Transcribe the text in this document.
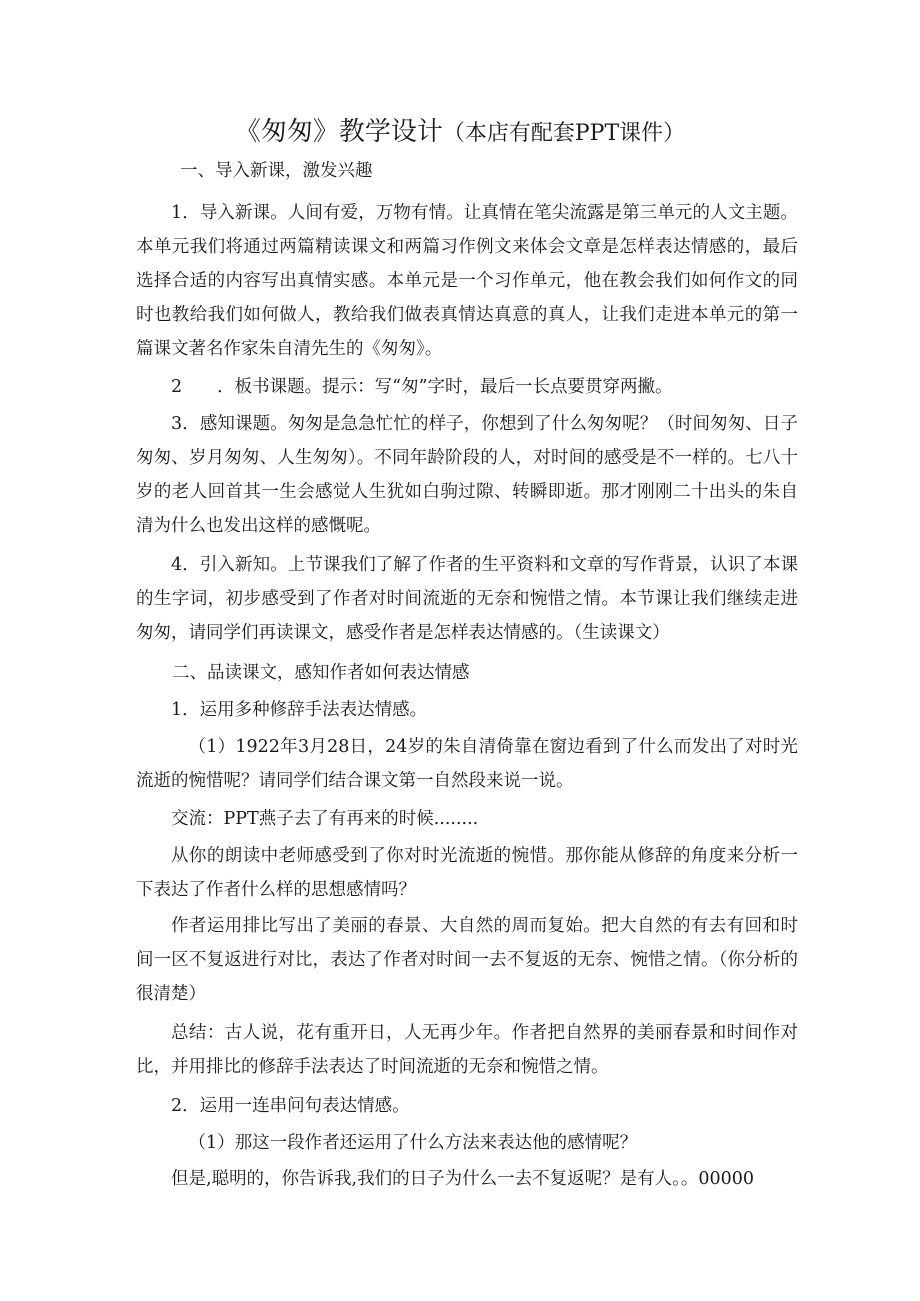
《匆匆》教学设计（本店有配套PPT课件）
一、导入新课，激发兴趣

1．导入新课。人间有爱，万物有情。让真情在笔尖流露是第三单元的人文主题。本单元我们将通过两篇精读课文和两篇习作例文来体会文章是怎样表达情感的，最后选择合适的内容写出真情实感。本单元是一个习作单元，他在教会我们如何作文的同时也教给我们如何做人，教给我们做表真情达真意的真人，让我们走进本单元的第一篇课文著名作家朱自清先生的《匆匆》。

2　　．板书课题。提示：写“匆”字时，最后一长点要贯穿两撇。

3．感知课题。匆匆是急急忙忙的样子，你想到了什么匆匆呢？（时间匆匆、日子匆匆、岁月匆匆、人生匆匆）。不同年龄阶段的人，对时间的感受是不一样的。七八十岁的老人回首其一生会感觉人生犹如白驹过隙、转瞬即逝。那才刚刚二十出头的朱自清为什么也发出这样的感慨呢。

4．引入新知。上节课我们了解了作者的生平资料和文章的写作背景，认识了本课的生字词，初步感受到了作者对时间流逝的无奈和惋惜之情。本节课让我们继续走进匆匆，请同学们再读课文，感受作者是怎样表达情感的。（生读课文）

二、品读课文，感知作者如何表达情感

1．运用多种修辞手法表达情感。

（1）1922年3月28日，24岁的朱自清倚靠在窗边看到了什么而发出了对时光流逝的惋惜呢？请同学们结合课文第一自然段来说一说。

交流：PPT燕子去了有再来的时候........

从你的朗读中老师感受到了你对时光流逝的惋惜。那你能从修辞的角度来分析一下表达了作者什么样的思想感情吗？

作者运用排比写出了美丽的春景、大自然的周而复始。把大自然的有去有回和时间一区不复返进行对比，表达了作者对时间一去不复返的无奈、惋惜之情。（你分析的很清楚）

总结：古人说，花有重开日，人无再少年。作者把自然界的美丽春景和时间作对比，并用排比的修辞手法表达了时间流逝的无奈和惋惜之情。

2．运用一连串问句表达情感。

（1）那这一段作者还运用了什么方法来表达他的感情呢？

但是,聪明的，你告诉我,我们的日子为什么一去不复返呢？是有人。。00000
